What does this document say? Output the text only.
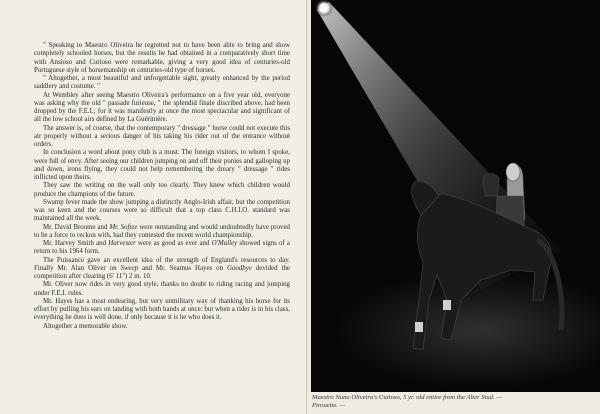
" Speaking to Maestro Oliveira he regretted not to have been able to bring and show completely schooled horses, but the results he had obtained in a comparatively short time with Ansioso and Curioso were remarkable, giving a very good idea of centuries-old Portuguese style of horsemanship on centuries-old type of horses.

" Altogether, a most beautiful and unforgettable sight, greatly enhanced by the period saddlery and costume. "

At Wembley after seeing Maestro Oliveira's performance on a five year old, everyone was asking why the old " passade furieuse, " the splendid finale discribed above, had been dropped by the F.E.I.; for it was manifestly at once the most spectacular and significant of all the low school airs defined by La Guérinière.

The answer is, of course, that the contemporary " dressage " horse could not execute this air properly without a serious danger of his taking his rider out of the entrance without orders.

In conclusion a word about pony club is a must. The foreign visitors, to whom I spoke, were full of envy. After seeing our children jumping on and off their ponies and galloping up and down, irons flying, they could not help remembering the dreary " dressage " rides inflicted upon theirs.

They saw the writing on the wall only too clearly. They knew which children would produce the champions of the future.

Swamp fever made the show jumping a distinctly Anglo-Irish affair, but the competition was so keen and the courses were so difficult that a top class C.H.I.O. standard was maintained all the week.

Mr. David Broome and Mr. Softee were outstanding and would undoubtedly have proved to be a force to reckon with, had they contested the recent world championship.

Mr. Harvey Smith and Harvester were as good as ever and O'Malley showed signs of a return to his 1964 form.

The Puissance gave an excellent idea of the strength of England's resources to day. Finally Mr. Alan Oliver on Sweep and Mr. Seamus Hayes on Goodbye devided the competition after clearing (6' 11") 2 m. 10.

Mr. Oliver now rides in very good style, thanks no doubt to riding racing and jumping under F.E.I. rules.

Mr. Hayes has a most endearing, but very unmilitary way of thanking his horse for its effort by pulling his ears on landing with both hands at once: but when a rider is in his class, everything he does is well done, if only because it is he who does it.

Altogether a memorable show.

Maestro Nuno Oliveira's Curioso, 5 yr. old entire from the Alter Stud. —
Pirouette. —
